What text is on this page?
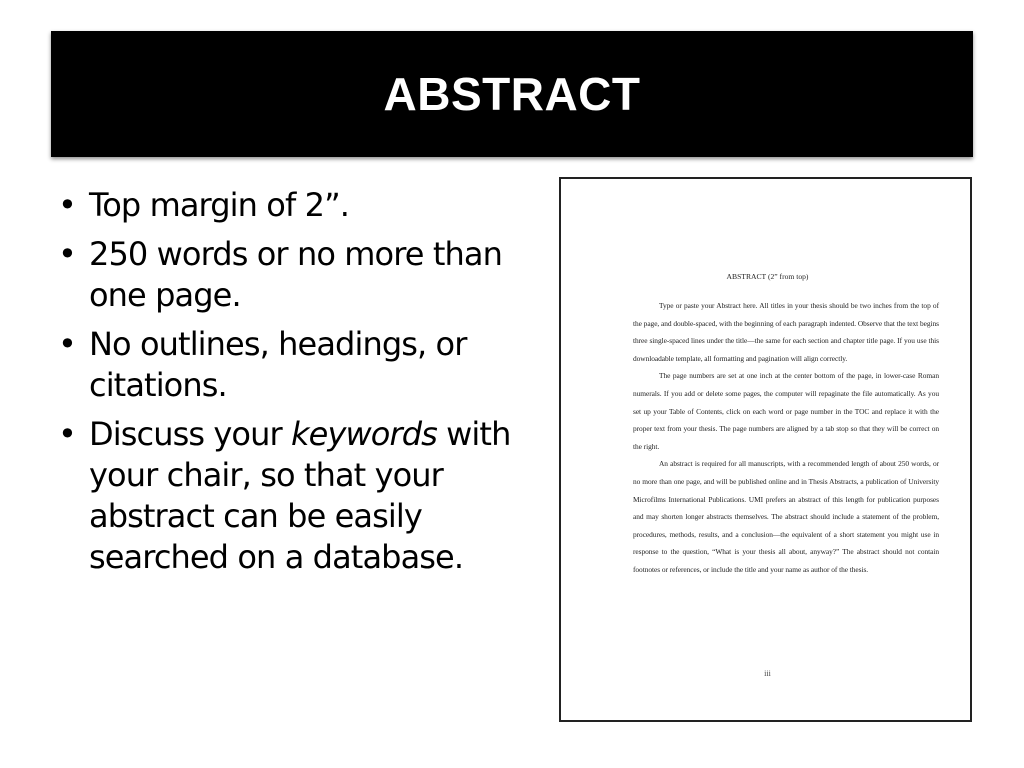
ABSTRACT
• Top margin of 2”.
• 250 words or no more than one page.
• No outlines, headings, or citations.
• Discuss your keywords with your chair, so that your abstract can be easily searched on a database.
ABSTRACT (2” from top)

Type or paste your Abstract here. All titles in your thesis should be two inches from the top of the page, and double-spaced, with the beginning of each paragraph indented. Observe that the text begins three single-spaced lines under the title—the same for each section and chapter title page. If you use this downloadable template, all formatting and pagination will align correctly.

The page numbers are set at one inch at the center bottom of the page, in lower-case Roman numerals. If you add or delete some pages, the computer will repaginate the file automatically. As you set up your Table of Contents, click on each word or page number in the TOC and replace it with the proper text from your thesis. The page numbers are aligned by a tab stop so that they will be correct on the right.

An abstract is required for all manuscripts, with a recommended length of about 250 words, or no more than one page, and will be published online and in Thesis Abstracts, a publication of University Microfilms International Publications. UMI prefers an abstract of this length for publication purposes and may shorten longer abstracts themselves. The abstract should include a statement of the problem, procedures, methods, results, and a conclusion—the equivalent of a short statement you might use in response to the question, “What is your thesis all about, anyway?” The abstract should not contain footnotes or references, or include the title and your name as author of the thesis.

iii
